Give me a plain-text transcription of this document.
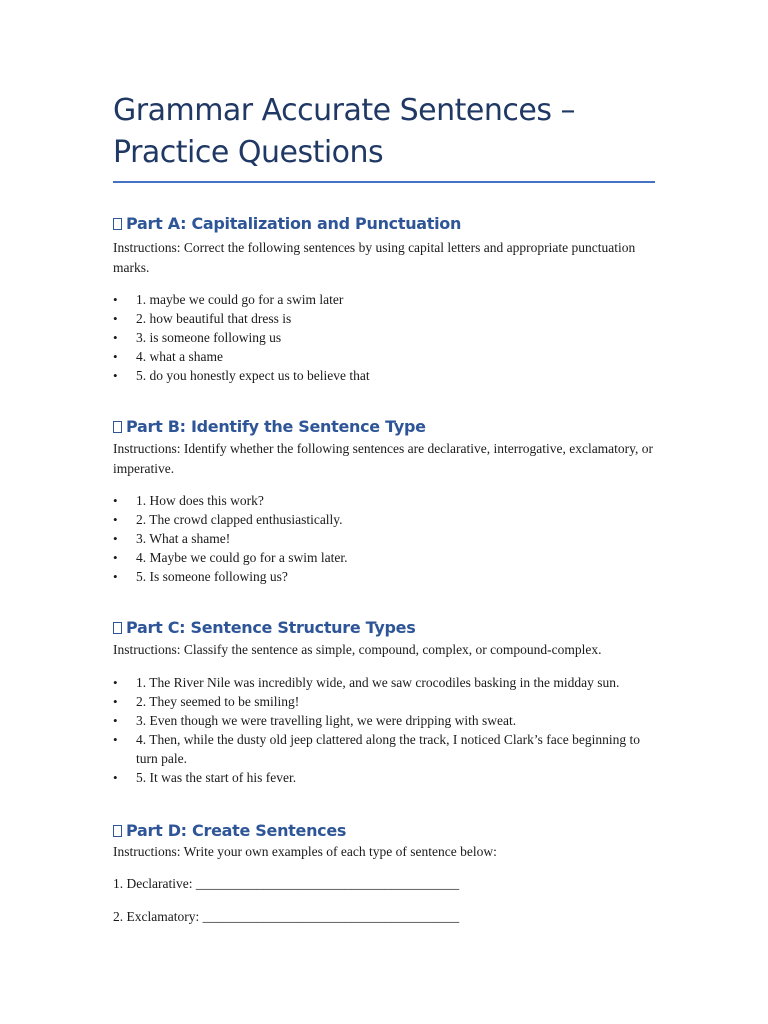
Grammar Accurate Sentences – Practice Questions
Part A: Capitalization and Punctuation

Instructions: Correct the following sentences by using capital letters and appropriate punctuation marks.

• 1. maybe we could go for a swim later
• 2. how beautiful that dress is
• 3. is someone following us
• 4. what a shame
• 5. do you honestly expect us to believe that
Part B: Identify the Sentence Type

Instructions: Identify whether the following sentences are declarative, interrogative, exclamatory, or imperative.

• 1. How does this work?
• 2. The crowd clapped enthusiastically.
• 3. What a shame!
• 4. Maybe we could go for a swim later.
• 5. Is someone following us?
Part C: Sentence Structure Types

Instructions: Classify the sentence as simple, compound, complex, or compound-complex.

• 1. The River Nile was incredibly wide, and we saw crocodiles basking in the midday sun.
• 2. They seemed to be smiling!
• 3. Even though we were travelling light, we were dripping with sweat.
• 4. Then, while the dusty old jeep clattered along the track, I noticed Clark’s face beginning to turn pale.
• 5. It was the start of his fever.
Part D: Create Sentences

Instructions: Write your own examples of each type of sentence below:

1. Declarative: _______________________________________

2. Exclamatory: ______________________________________
